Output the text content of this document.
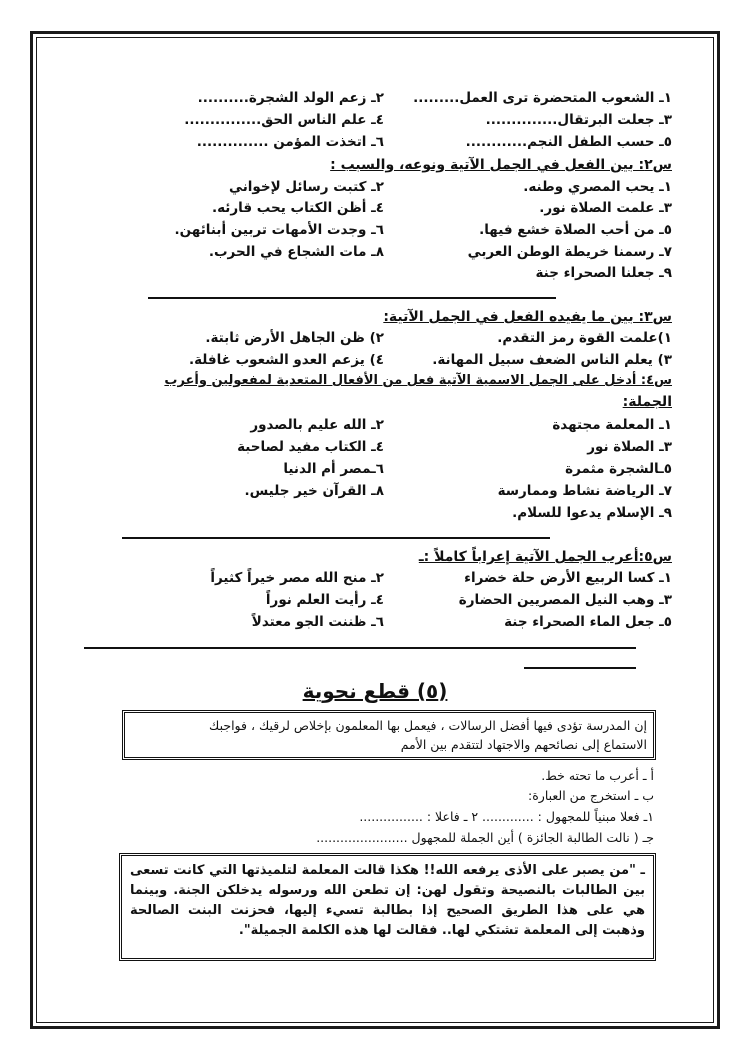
١ـ الشعوب المتحضرة ترى العمل.........
٢ـ زعم الولد الشجرة..........
٣ـ جعلت البرتقال..............
٤ـ علم الناس الحق...............
٥ـ حسب الطفل النجم............
٦ـ اتخذت المؤمن ..............
س٢: بين الفعل في الجمل الآتية ونوعه، والسبب :
١ـ يحب المصري وطنه.
٢ـ كتبت رسائل لإخواني
٣ـ علمت الصلاة نور.
٤ـ أظن الكتاب يحب قارئه.
٥ـ من أحب الصلاة خشع فيها.
٦ـ وجدت الأمهات تربين أبنائهن.
٧ـ رسمنا خريطة الوطن العربي
٨ـ مات الشجاع في الحرب.
٩ـ جعلنا الصحراء جنة
س٣: بين ما يفيده الفعل في الجمل الآتية:
١)علمت القوة رمز التقدم.
٢) ظن الجاهل الأرض ثابتة.
٣) يعلم الناس الضعف سبيل المهانة.
٤) يزعم العدو الشعوب غافلة.
س٤: أدخل على الجمل الاسمية الآتية فعل من الأفعال المتعدية لمفعولين وأعرب
الجملة:
١ـ المعلمة مجتهدة
٢ـ الله عليم بالصدور
٣ـ الصلاة نور
٤ـ الكتاب مفيد لصاحبة
٥ـالشجرة مثمرة
٦ـمصر أم الدنيا
٧ـ الرياضة نشاط وممارسة
٨ـ القرآن خير جليس.
٩ـ الإسلام يدعوا للسلام.
س٥:أعرب الجمل الآتية إعراباً كاملاً :ـ
١ـ كسا الربيع الأرض حلة خضراء
٢ـ منح الله مصر خيراً كثيراً
٣ـ وهب النيل المصريين الحضارة
٤ـ رأيت العلم نوراً
٥ـ جعل الماء الصحراء جنة
٦ـ ظننت الجو معتدلاً
(٥) قطع نحوية
إن المدرسة تؤدى فيها أفضل الرسالات ، فيعمل بها المعلمون بإخلاص لرقيك ، فواجبك
الاستماع إلى نصائحهم والاجتهاد لتتقدم بين الأمم
أ ـ أعرب ما تحته خط.
ب ـ استخرج من العبارة:
١ـ فعلا مبنياً للمجهول : ............. ٢ ـ فاعلا : ................
جـ ( نالت الطالبة الجائزة ) أين الجملة للمجهول .......................
ـ "من يصبر على الأذى يرفعه الله!! هكذا قالت المعلمة لتلميذتها التي كانت تسعى بين الطالبات بالنصيحة وتقول لهن: إن تطعن الله ورسوله يدخلكن الجنة. وبينما هي على هذا الطريق الصحيح إذا بطالبة تسيء إليها، فحزنت البنت الصالحة وذهبت إلى المعلمة تشتكي لها.. فقالت لها هذه الكلمة الجميلة".
